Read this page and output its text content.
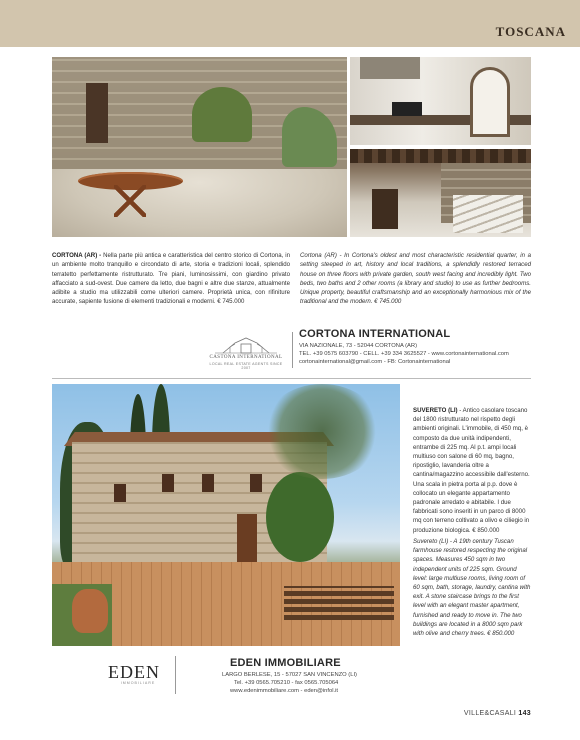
TOSCANA

CORTONA (AR) - Nella parte più antica e caratteristica del centro storico di Cortona, in un ambiente molto tranquillo e circondato di arte, storia e tradizioni locali, splendido terratetto perfettamente ristrutturato. Tre piani, luminosissimi, con giardino privato affacciato a sud-ovest. Due camere da letto, due bagni e altre due stanze, attualmente adibite a studio ma utilizzabili come ulteriori camere. Proprietà unica, con rifiniture accurate, sapiente fusione di elementi tradizionali e moderni. € 745.000

Cortona (AR) - In Cortona's oldest and most characteristic residential quarter, in a setting steeped in art, history and local traditions, a splendidly restored terraced house on three floors with private garden, south west facing and incredibly light. Two beds, two baths and 2 other rooms (a library and studio) to use as further bedrooms. Unique property, beautiful craftsmanship and an exceptionally harmonious mix of the traditional and the modern. € 745.000

CASTONA INTERNATIONAL
LOCAL REAL ESTATE AGENTS SINCE 2007
CORTONA INTERNATIONAL
VIA NAZIONALE, 73 - 52044 CORTONA (AR)
TEL. +39 0575 603790 - CELL. +39 334 3625527 - www.cortonainternational.com
cortonainternational@gmail.com - FB: Cortonainternational

SUVERETO (LI) - Antico casolare toscano del 1800 ristrutturato nel rispetto degli ambienti originali. L'immobile, di 450 mq, è composto da due unità indipendenti, entrambe di 225 mq. Al p.t. ampi locali multiuso con salone di 60 mq, bagno, ripostiglio, lavanderia oltre a cantina/magazzino accessibile dall'esterno. Una scala in pietra porta al p.p. dove è collocato un elegante appartamento padronale arredato e abitabile. I due fabbricati sono inseriti in un parco di 8000 mq con terreno coltivato a olivo e ciliegio in produzione biologica. € 850.000

Suvereto (LI) - A 19th century Tuscan farmhouse restored respecting the original spaces. Measures 450 sqm in two independent units of 225 sqm. Ground level: large multiuse rooms, living room of 60 sqm, bath, storage, laundry, cantina with exit. A stone staircase brings to the first level with an elegant master apartment, furnished and ready to move in. The two buildings are located in a 8000 sqm park with olive and cherry trees. € 850.000

EDEN
IMMOBILIARE
EDEN IMMOBILIARE
LARGO BERLESE, 15 - 57027 SAN VINCENZO (LI)
Tel. +39 0565.705210 - fax 0565.705064
www.edenimmobiliare.com - eden@infol.it
VILLE&CASALI 143
